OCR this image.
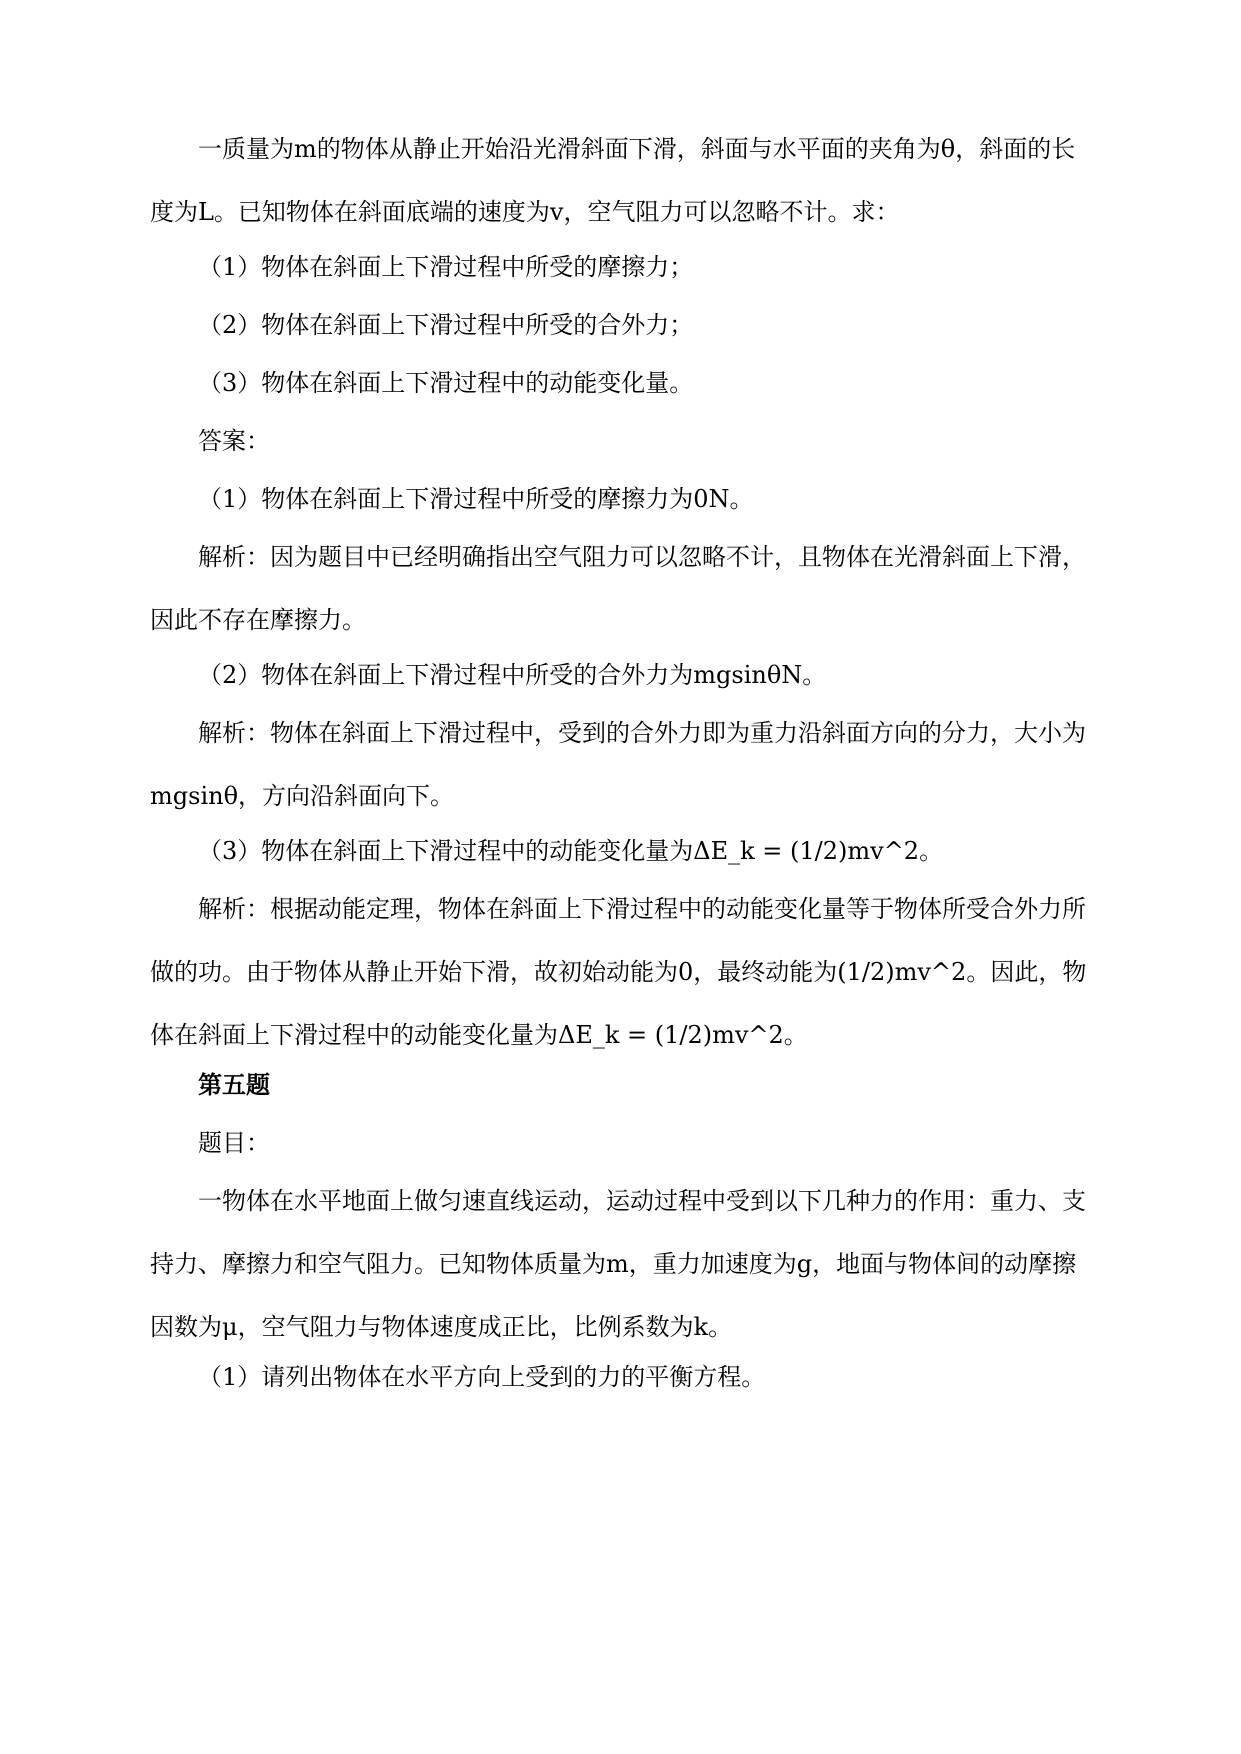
一质量为m的物体从静止开始沿光滑斜面下滑，斜面与水平面的夹角为θ，斜面的长度为L。已知物体在斜面底端的速度为v，空气阻力可以忽略不计。求：

（1）物体在斜面上下滑过程中所受的摩擦力；

（2）物体在斜面上下滑过程中所受的合外力；

（3）物体在斜面上下滑过程中的动能变化量。

答案：

（1）物体在斜面上下滑过程中所受的摩擦力为0N。

解析：因为题目中已经明确指出空气阻力可以忽略不计，且物体在光滑斜面上下滑，因此不存在摩擦力。

（2）物体在斜面上下滑过程中所受的合外力为mgsinθN。

解析：物体在斜面上下滑过程中，受到的合外力即为重力沿斜面方向的分力，大小为mgsinθ，方向沿斜面向下。

（3）物体在斜面上下滑过程中的动能变化量为ΔE_k = (1/2)mv^2。

解析：根据动能定理，物体在斜面上下滑过程中的动能变化量等于物体所受合外力所做的功。由于物体从静止开始下滑，故初始动能为0，最终动能为(1/2)mv^2。因此，物体在斜面上下滑过程中的动能变化量为ΔE_k = (1/2)mv^2。

第五题

题目：

一物体在水平地面上做匀速直线运动，运动过程中受到以下几种力的作用：重力、支持力、摩擦力和空气阻力。已知物体质量为m，重力加速度为g，地面与物体间的动摩擦因数为μ，空气阻力与物体速度成正比，比例系数为k。

（1）请列出物体在水平方向上受到的力的平衡方程。
